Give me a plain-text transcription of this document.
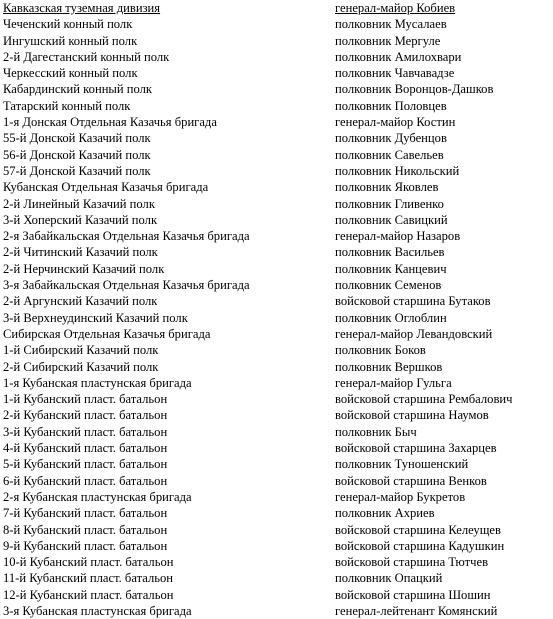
Кавказская туземная дивизия	генерал-майор Кобиев
Чеченский конный полк	полковник Мусалаев
Ингушский конный полк	полковник Мергуле
2-й Дагестанский конный полк	полковник Амилохвари
Черкесский конный полк	полковник Чавчавадзе
Кабардинский конный полк	полковник Воронцов-Дашков
Татарский конный полк	полковник Половцев
1-я Донская Отдельная Казачья бригада	генерал-майор Костин
55-й Донской Казачий полк	полковник Дубенцов
56-й Донской Казачий полк	полковник Савельев
57-й Донской Казачий полк	полковник Никольский
Кубанская Отдельная Казачья бригада	полковник Яковлев
2-й Линейный Казачий полк	полковник Гливенко
3-й Хоперский Казачий полк	полковник Савицкий
2-я Забайкальская Отдельная Казачья бригада	генерал-майор Назаров
2-й Читинский Казачий полк	полковник Васильев
2-й Нерчинский Казачий полк	полковник Канцевич
3-я Забайкальская Отдельная Казачья бригада	полковник Семенов
2-й Аргунский Казачий полк	войсковой старшина Бутаков
3-й Верхнеудинский Казачий полк	полковник Оглоблин
Сибирская Отдельная Казачья бригада	генерал-майор Левандовский
1-й Сибирский Казачий полк	полковник Боков
2-й Сибирский Казачий полк	полковник Вершков
1-я Кубанская пластунская бригада	генерал-майор Гульга
1-й Кубанский пласт. батальон	войсковой старшина Рембалович
2-й Кубанский пласт. батальон	войсковой старшина Наумов
3-й Кубанский пласт. батальон	полковник Быч
4-й Кубанский пласт. батальон	войсковой старшина Захарцев
5-й Кубанский пласт. батальон	полковник Туношенский
6-й Кубанский пласт. батальон	войсковой старшина Венков
2-я Кубанская пластунская бригада	генерал-майор Букретов
7-й Кубанский пласт. батальон	полковник Ахриев
8-й Кубанский пласт. батальон	войсковой старшина Келеущев
9-й Кубанский пласт. батальон	войсковой старшина Кадушкин
10-й Кубанский пласт. батальон	войсковой старшина Тютчев
11-й Кубанский пласт. батальон	полковник Опацкий
12-й Кубанский пласт. батальон	войсковой старшина Шошин
3-я Кубанская пластунская бригада	генерал-лейтенант Комянский
